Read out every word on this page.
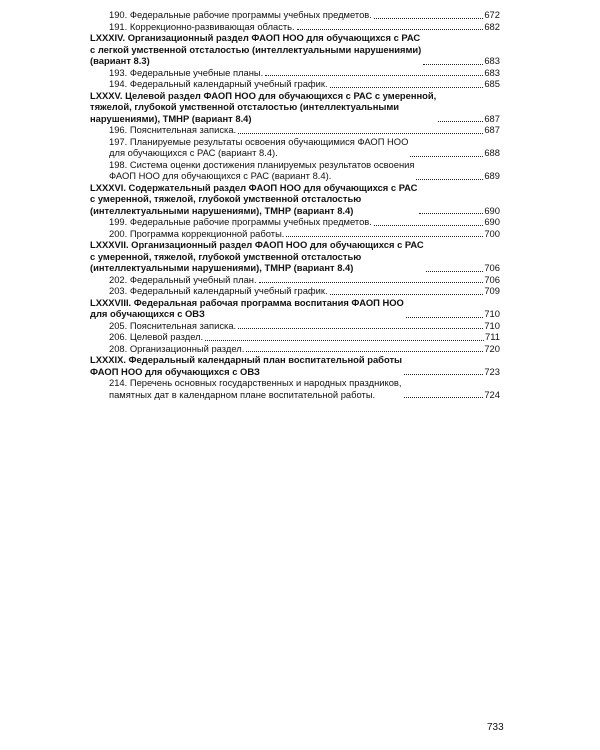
190. Федеральные рабочие программы учебных предметов.	672
191. Коррекционно-развивающая область.	682
LXXXIV. Организационный раздел ФАОП НОО для обучающихся с РАС
с легкой умственной отсталостью (интеллектуальными нарушениями)
(вариант 8.3)	683
193. Федеральные учебные планы.	683
194. Федеральный календарный учебный график.	685
LXXXV. Целевой раздел ФАОП НОО для обучающихся с РАС с умеренной,
тяжелой, глубокой умственной отсталостью (интеллектуальными
нарушениями), ТМНР (вариант 8.4)	687
196. Пояснительная записка.	687
197. Планируемые результаты освоения обучающимися ФАОП НОО
для обучающихся с РАС (вариант 8.4).	688
198. Система оценки достижения планируемых результатов освоения
ФАОП НОО для обучающихся с РАС (вариант 8.4).	689
LXXXVI. Содержательный раздел ФАОП НОО для обучающихся с РАС
с умеренной, тяжелой, глубокой умственной отсталостью
(интеллектуальными нарушениями), ТМНР (вариант 8.4)	690
199. Федеральные рабочие программы учебных предметов.	690
200. Программа коррекционной работы.	700
LXXXVII. Организационный раздел ФАОП НОО для обучающихся с РАС
с умеренной, тяжелой, глубокой умственной отсталостью
(интеллектуальными нарушениями), ТМНР (вариант 8.4)	706
202. Федеральный учебный план.	706
203. Федеральный календарный учебный график.	709
LXXXVIII. Федеральная рабочая программа воспитания ФАОП НОО
для обучающихся с ОВЗ	710
205. Пояснительная записка.	710
206. Целевой раздел.	711
208. Организационный раздел.	720
LXXXIX. Федеральный календарный план воспитательной работы
ФАОП НОО для обучающихся с ОВЗ	723
214. Перечень основных государственных и народных праздников,
памятных дат в календарном плане воспитательной работы.	724
733
